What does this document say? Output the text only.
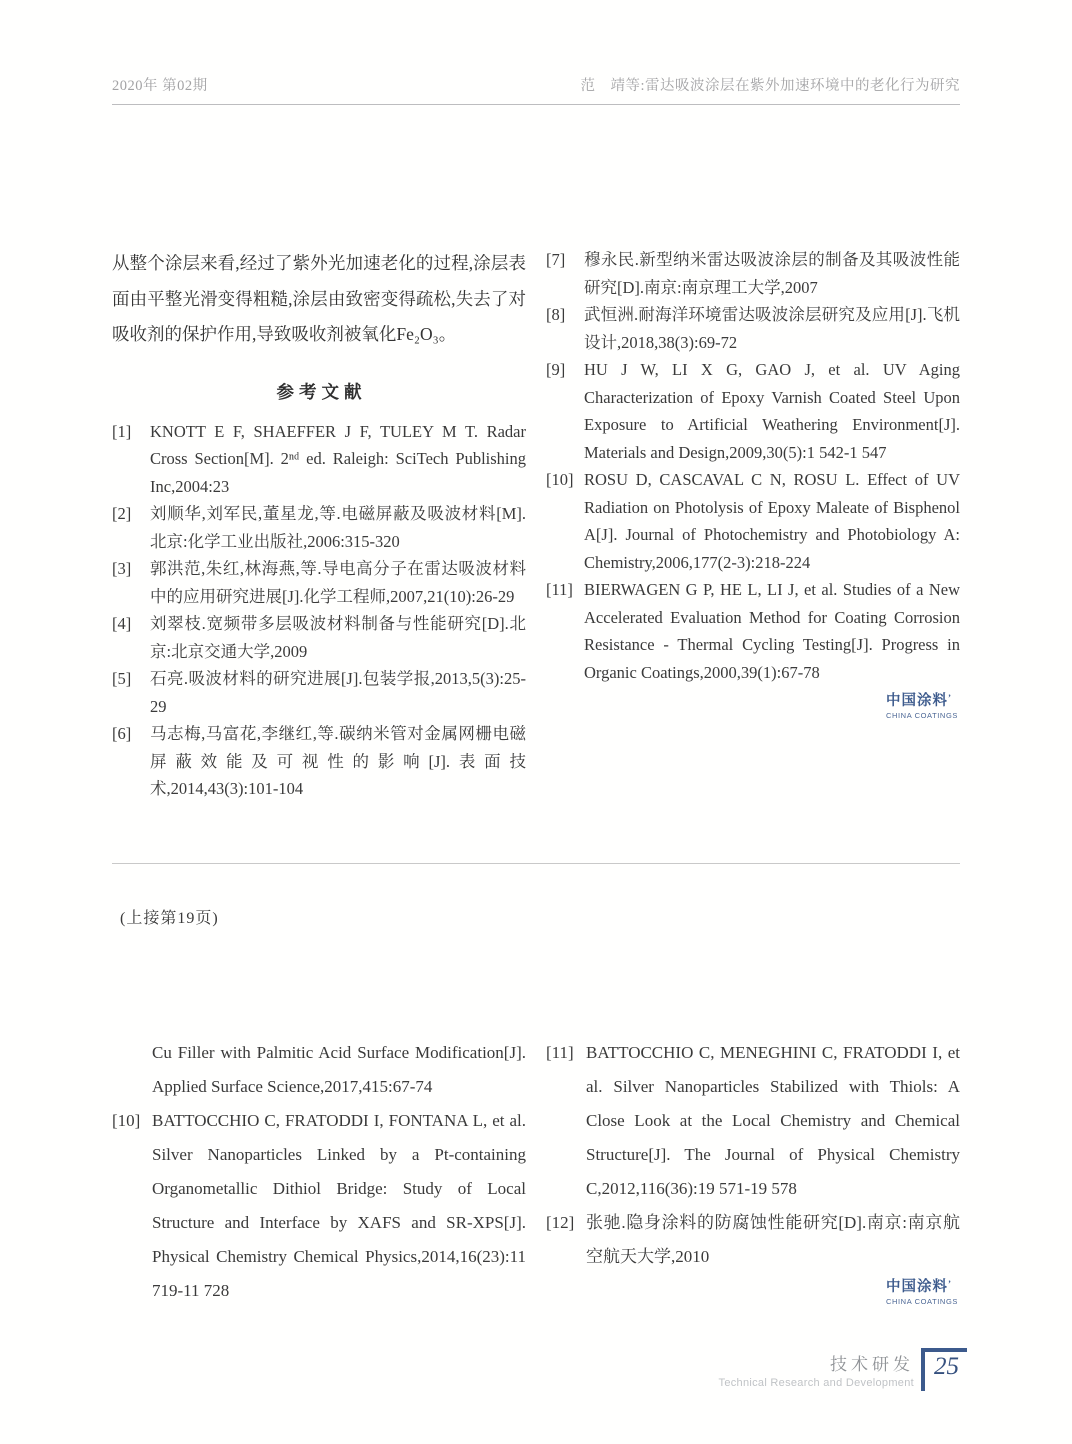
2020年 第02期	范　靖等:雷达吸波涂层在紫外加速环境中的老化行为研究

从整个涂层来看,经过了紫外光加速老化的过程,涂层表面由平整光滑变得粗糙,涂层由致密变得疏松,失去了对吸收剂的保护作用,导致吸收剂被氧化Fe₂O₃。

参考文献
[1]	KNOTT E F, SHAEFFER J F, TULEY M T. Radar Cross Section[M]. 2ⁿᵈ ed. Raleigh: SciTech Publishing Inc,2004:23
[2]	刘顺华,刘军民,董星龙,等.电磁屏蔽及吸波材料[M].北京:化学工业出版社,2006:315-320
[3]	郭洪范,朱红,林海燕,等.导电高分子在雷达吸波材料中的应用研究进展[J].化学工程师,2007,21(10):26-29
[4]	刘翠枝.宽频带多层吸波材料制备与性能研究[D].北京:北京交通大学,2009
[5]	石亮.吸波材料的研究进展[J].包装学报,2013,5(3):25-29
[6]	马志梅,马富花,李继红,等.碳纳米管对金属网栅电磁屏蔽效能及可视性的影响[J].表面技术,2014,43(3):101-104
[7]	穆永民.新型纳米雷达吸波涂层的制备及其吸波性能研究[D].南京:南京理工大学,2007
[8]	武恒洲.耐海洋环境雷达吸波涂层研究及应用[J].飞机设计,2018,38(3):69-72
[9]	HU J W, LI X G, GAO J, et al. UV Aging Characterization of Epoxy Varnish Coated Steel Upon Exposure to Artificial Weathering Environment[J]. Materials and Design,2009,30(5):1 542-1 547
[10] ROSU D, CASCAVAL C N, ROSU L. Effect of UV Radiation on Photolysis of Epoxy Maleate of Bisphenol A[J]. Journal of Photochemistry and Photobiology A: Chemistry,2006,177(2-3):218-224
[11] BIERWAGEN G P, HE L, LI J, et al. Studies of a New Accelerated Evaluation Method for Coating Corrosion Resistance - Thermal Cycling Testing[J]. Progress in Organic Coatings,2000,39(1):67-78
中国涂料’
CHINA COATINGS
(上接第19页)
Cu Filler with Palmitic Acid Surface Modification[J]. Applied Surface Science,2017,415:67-74
[10] BATTOCCHIO C, FRATODDI I, FONTANA L, et al. Silver Nanoparticles Linked by a Pt-containing Organometallic Dithiol Bridge: Study of Local Structure and Interface by XAFS and SR-XPS[J]. Physical Chemistry Chemical Physics,2014,16(23):11 719-11 728
[11] BATTOCCHIO C, MENEGHINI C, FRATODDI I, et al. Silver Nanoparticles Stabilized with Thiols: A Close Look at the Local Chemistry and Chemical Structure[J]. The Journal of Physical Chemistry C,2012,116(36):19 571-19 578
[12] 张驰.隐身涂料的防腐蚀性能研究[D].南京:南京航空航天大学,2010
中国涂料’
CHINA COATINGS
技术研发
Technical Research and Development
25
